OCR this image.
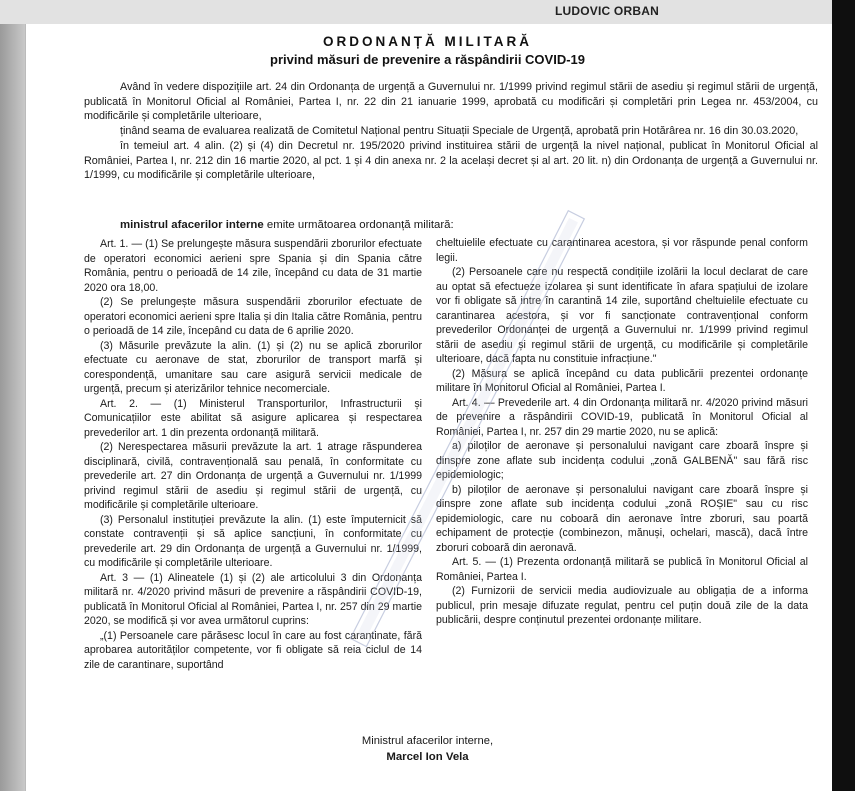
LUDOVIC ORBAN
ORDONANȚĂ MILITARĂ
privind măsuri de prevenire a răspândirii COVID-19

Având în vedere dispozițiile art. 24 din Ordonanța de urgență a Guvernului nr. 1/1999 privind regimul stării de asediu și regimul stării de urgență, publicată în Monitorul Oficial al României, Partea I, nr. 22 din 21 ianuarie 1999, aprobată cu modificări și completări prin Legea nr. 453/2004, cu modificările și completările ulterioare,

ținând seama de evaluarea realizată de Comitetul Național pentru Situații Speciale de Urgență, aprobată prin Hotărârea nr. 16 din 30.03.2020,

în temeiul art. 4 alin. (2) și (4) din Decretul nr. 195/2020 privind instituirea stării de urgență la nivel național, publicat în Monitorul Oficial al României, Partea I, nr. 212 din 16 martie 2020, al pct. 1 și 4 din anexa nr. 2 la același decret și al art. 20 lit. n) din Ordonanța de urgență a Guvernului nr. 1/1999, cu modificările și completările ulterioare,

ministrul afacerilor interne emite următoarea ordonanță militară:

Art. 1. — (1) Se prelungește măsura suspendării zborurilor efectuate de operatori economici aerieni spre Spania și din Spania către România, pentru o perioadă de 14 zile, începând cu data de 31 martie 2020 ora 18,00.

(2) Se prelungește măsura suspendării zborurilor efectuate de operatori economici aerieni spre Italia și din Italia către România, pentru o perioadă de 14 zile, începând cu data de 6 aprilie 2020.

(3) Măsurile prevăzute la alin. (1) și (2) nu se aplică zborurilor efectuate cu aeronave de stat, zborurilor de transport marfă și corespondență, umanitare sau care asigură servicii medicale de urgență, precum și aterizărilor tehnice necomerciale.

Art. 2. — (1) Ministerul Transporturilor, Infrastructurii și Comunicațiilor este abilitat să asigure aplicarea și respectarea prevederilor art. 1 din prezenta ordonanță militară.

(2) Nerespectarea măsurii prevăzute la art. 1 atrage răspunderea disciplinară, civilă, contravențională sau penală, în conformitate cu prevederile art. 27 din Ordonanța de urgență a Guvernului nr. 1/1999 privind regimul stării de asediu și regimul stării de urgență, cu modificările și completările ulterioare.

(3) Personalul instituției prevăzute la alin. (1) este împuternicit să constate contravenții și să aplice sancțiuni, în conformitate cu prevederile art. 29 din Ordonanța de urgență a Guvernului nr. 1/1999, cu modificările și completările ulterioare.

Art. 3 — (1) Alineatele (1) și (2) ale articolului 3 din Ordonanța militară nr. 4/2020 privind măsuri de prevenire a răspândirii COVID-19, publicată în Monitorul Oficial al României, Partea I, nr. 257 din 29 martie 2020, se modifică și vor avea următorul cuprins:

„(1) Persoanele care părăsesc locul în care au fost carantinate, fără aprobarea autorităților competente, vor fi obligate să reia ciclul de 14 zile de carantinare, suportând

cheltuielile efectuate cu carantinarea acestora, și vor răspunde penal conform legii.

(2) Persoanele care nu respectă condițiile izolării la locul declarat de care au optat să efectueze izolarea și sunt identificate în afara spațiului de izolare vor fi obligate să intre în carantină 14 zile, suportând cheltuielile efectuate cu carantinarea acestora, și vor fi sancționate contravențional conform prevederilor Ordonanței de urgență a Guvernului nr. 1/1999 privind regimul stării de asediu și regimul stării de urgență, cu modificările și completările ulterioare, dacă fapta nu constituie infracțiune."

(2) Măsura se aplică începând cu data publicării prezentei ordonanțe militare în Monitorul Oficial al României, Partea I.

Art. 4. — Prevederile art. 4 din Ordonanța militară nr. 4/2020 privind măsuri de prevenire a răspândirii COVID-19, publicată în Monitorul Oficial al României, Partea I, nr. 257 din 29 martie 2020, nu se aplică:

a) piloților de aeronave și personalului navigant care zboară înspre și dinspre zone aflate sub incidența codului „zonă GALBENĂ" sau fără risc epidemiologic;

b) piloților de aeronave și personalului navigant care zboară înspre și dinspre zone aflate sub incidența codului „zonă ROȘIE" sau cu risc epidemiologic, care nu coboară din aeronave între zboruri, sau poartă echipament de protecție (combinezon, mănuși, ochelari, mască), dacă între zboruri coboară din aeronavă.

Art. 5. — (1) Prezenta ordonanță militară se publică în Monitorul Oficial al României, Partea I.

(2) Furnizorii de servicii media audiovizuale au obligația de a informa publicul, prin mesaje difuzate regulat, pentru cel puțin două zile de la data publicării, despre conținutul prezentei ordonanțe militare.

Ministrul afacerilor interne,
Marcel Ion Vela
